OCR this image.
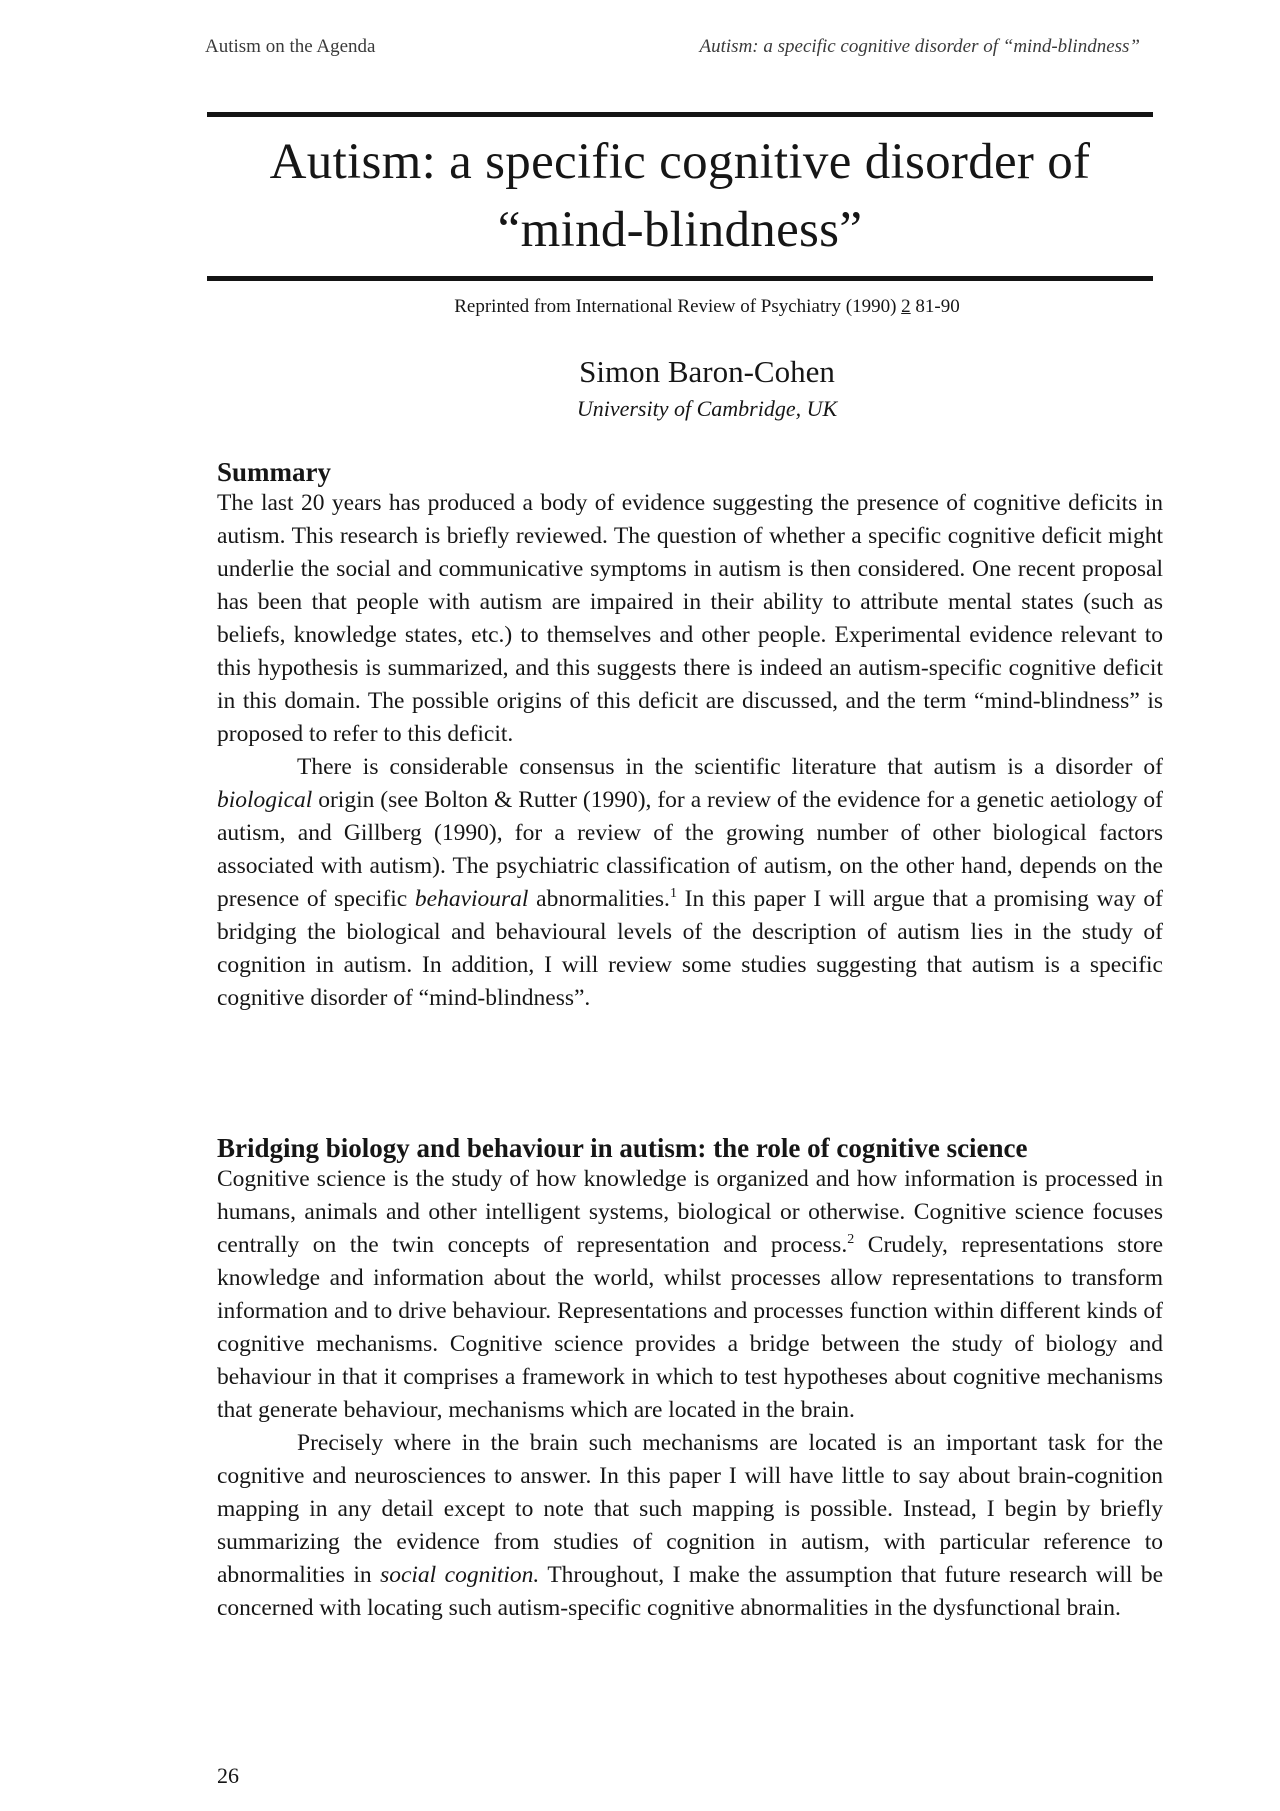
Autism on the Agenda	Autism: a specific cognitive disorder of “mind-blindness”
Autism: a specific cognitive disorder of
“mind-blindness”
Reprinted from International Review of Psychiatry (1990) 2 81-90
Simon Baron-Cohen
University of Cambridge, UK
Summary

The last 20 years has produced a body of evidence suggesting the presence of cognitive deficits in autism. This research is briefly reviewed. The question of whether a specific cognitive deficit might underlie the social and communicative symptoms in autism is then considered. One recent proposal has been that people with autism are impaired in their ability to attribute mental states (such as beliefs, knowledge states, etc.) to themselves and other people. Experimental evidence relevant to this hypothesis is summarized, and this suggests there is indeed an autism-specific cognitive deficit in this domain. The possible origins of this deficit are discussed, and the term “mind-blindness” is proposed to refer to this deficit.

There is considerable consensus in the scientific literature that autism is a disorder of biological origin (see Bolton & Rutter (1990), for a review of the evidence for a genetic aetiology of autism, and Gillberg (1990), for a review of the growing number of other biological factors associated with autism). The psychiatric classification of autism, on the other hand, depends on the presence of specific behavioural abnormalities.$^1$ In this paper I will argue that a promising way of bridging the biological and behavioural levels of the description of autism lies in the study of cognition in autism. In addition, I will review some studies suggesting that autism is a specific cognitive disorder of “mind-blindness”.

Bridging biology and behaviour in autism: the role of cognitive science

Cognitive science is the study of how knowledge is organized and how information is processed in humans, animals and other intelligent systems, biological or otherwise. Cognitive science focuses centrally on the twin concepts of representation and process.$^2$ Crudely, representations store knowledge and information about the world, whilst processes allow representations to transform information and to drive behaviour. Representations and processes function within different kinds of cognitive mechanisms. Cognitive science provides a bridge between the study of biology and behaviour in that it comprises a framework in which to test hypotheses about cognitive mechanisms that generate behaviour, mechanisms which are located in the brain.

Precisely where in the brain such mechanisms are located is an important task for the cognitive and neurosciences to answer. In this paper I will have little to say about brain-cognition mapping in any detail except to note that such mapping is possible. Instead, I begin by briefly summarizing the evidence from studies of cognition in autism, with particular reference to abnormalities in social cognition. Throughout, I make the assumption that future research will be concerned with locating such autism-specific cognitive abnormalities in the dysfunctional brain.

26
